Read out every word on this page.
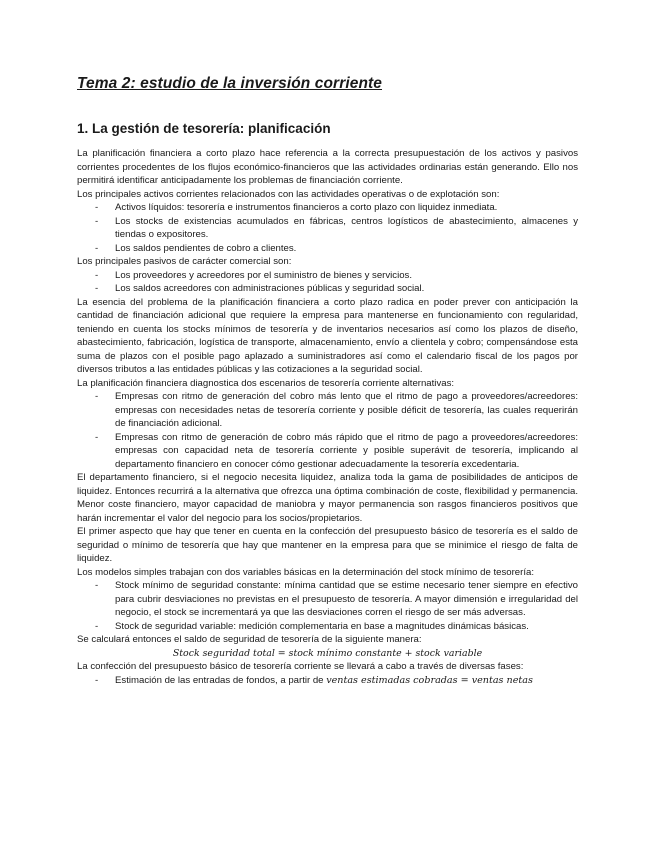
Tema 2: estudio de la inversión corriente
1. La gestión de tesorería: planificación

La planificación financiera a corto plazo hace referencia a la correcta presupuestación de los activos y pasivos corrientes procedentes de los flujos económico-financieros que las actividades ordinarias están generando. Ello nos permitirá identificar anticipadamente los problemas de financiación corriente.

Los principales activos corrientes relacionados con las actividades operativas o de explotación son:

- Activos líquidos: tesorería e instrumentos financieros a corto plazo con liquidez inmediata.
- Los stocks de existencias acumulados en fábricas, centros logísticos de abastecimiento, almacenes y tiendas o expositores.
- Los saldos pendientes de cobro a clientes.

Los principales pasivos de carácter comercial son:

- Los proveedores y acreedores por el suministro de bienes y servicios.
- Los saldos acreedores con administraciones públicas y seguridad social.

La esencia del problema de la planificación financiera a corto plazo radica en poder prever con anticipación la cantidad de financiación adicional que requiere la empresa para mantenerse en funcionamiento con regularidad, teniendo en cuenta los stocks mínimos de tesorería y de inventarios necesarios así como los plazos de diseño, abastecimiento, fabricación, logística de transporte, almacenamiento, envío a clientela y cobro; compensándose esta suma de plazos con el posible pago aplazado a suministradores así como el calendario fiscal de los pagos por diversos tributos a las entidades públicas y las cotizaciones a la seguridad social.

La planificación financiera diagnostica dos escenarios de tesorería corriente alternativas:

- Empresas con ritmo de generación del cobro más lento que el ritmo de pago a proveedores/acreedores: empresas con necesidades netas de tesorería corriente y posible déficit de tesorería, las cuales requerirán de financiación adicional.
- Empresas con ritmo de generación de cobro más rápido que el ritmo de pago a proveedores/acreedores: empresas con capacidad neta de tesorería corriente y posible superávit de tesorería, implicando al departamento financiero en conocer cómo gestionar adecuadamente la tesorería excedentaria.

El departamento financiero, si el negocio necesita liquidez, analiza toda la gama de posibilidades de anticipos de liquidez. Entonces recurrirá a la alternativa que ofrezca una óptima combinación de coste, flexibilidad y permanencia. Menor coste financiero, mayor capacidad de maniobra y mayor permanencia son rasgos financieros positivos que harán incrementar el valor del negocio para los socios/propietarios.

El primer aspecto que hay que tener en cuenta en la confección del presupuesto básico de tesorería es el saldo de seguridad o mínimo de tesorería que hay que mantener en la empresa para que se minimice el riesgo de falta de liquidez.

Los modelos simples trabajan con dos variables básicas en la determinación del stock mínimo de tesorería:

- Stock mínimo de seguridad constante: mínima cantidad que se estime necesario tener siempre en efectivo para cubrir desviaciones no previstas en el presupuesto de tesorería. A mayor dimensión e irregularidad del negocio, el stock se incrementará ya que las desviaciones corren el riesgo de ser más adversas.
- Stock de seguridad variable: medición complementaria en base a magnitudes dinámicas básicas.

Se calculará entonces el saldo de seguridad de tesorería de la siguiente manera:

Stock seguridad total = stock mínimo constante + stock variable

La confección del presupuesto básico de tesorería corriente se llevará a cabo a través de diversas fases:

- Estimación de las entradas de fondos, a partir de ventas estimadas cobradas = ventas netas
